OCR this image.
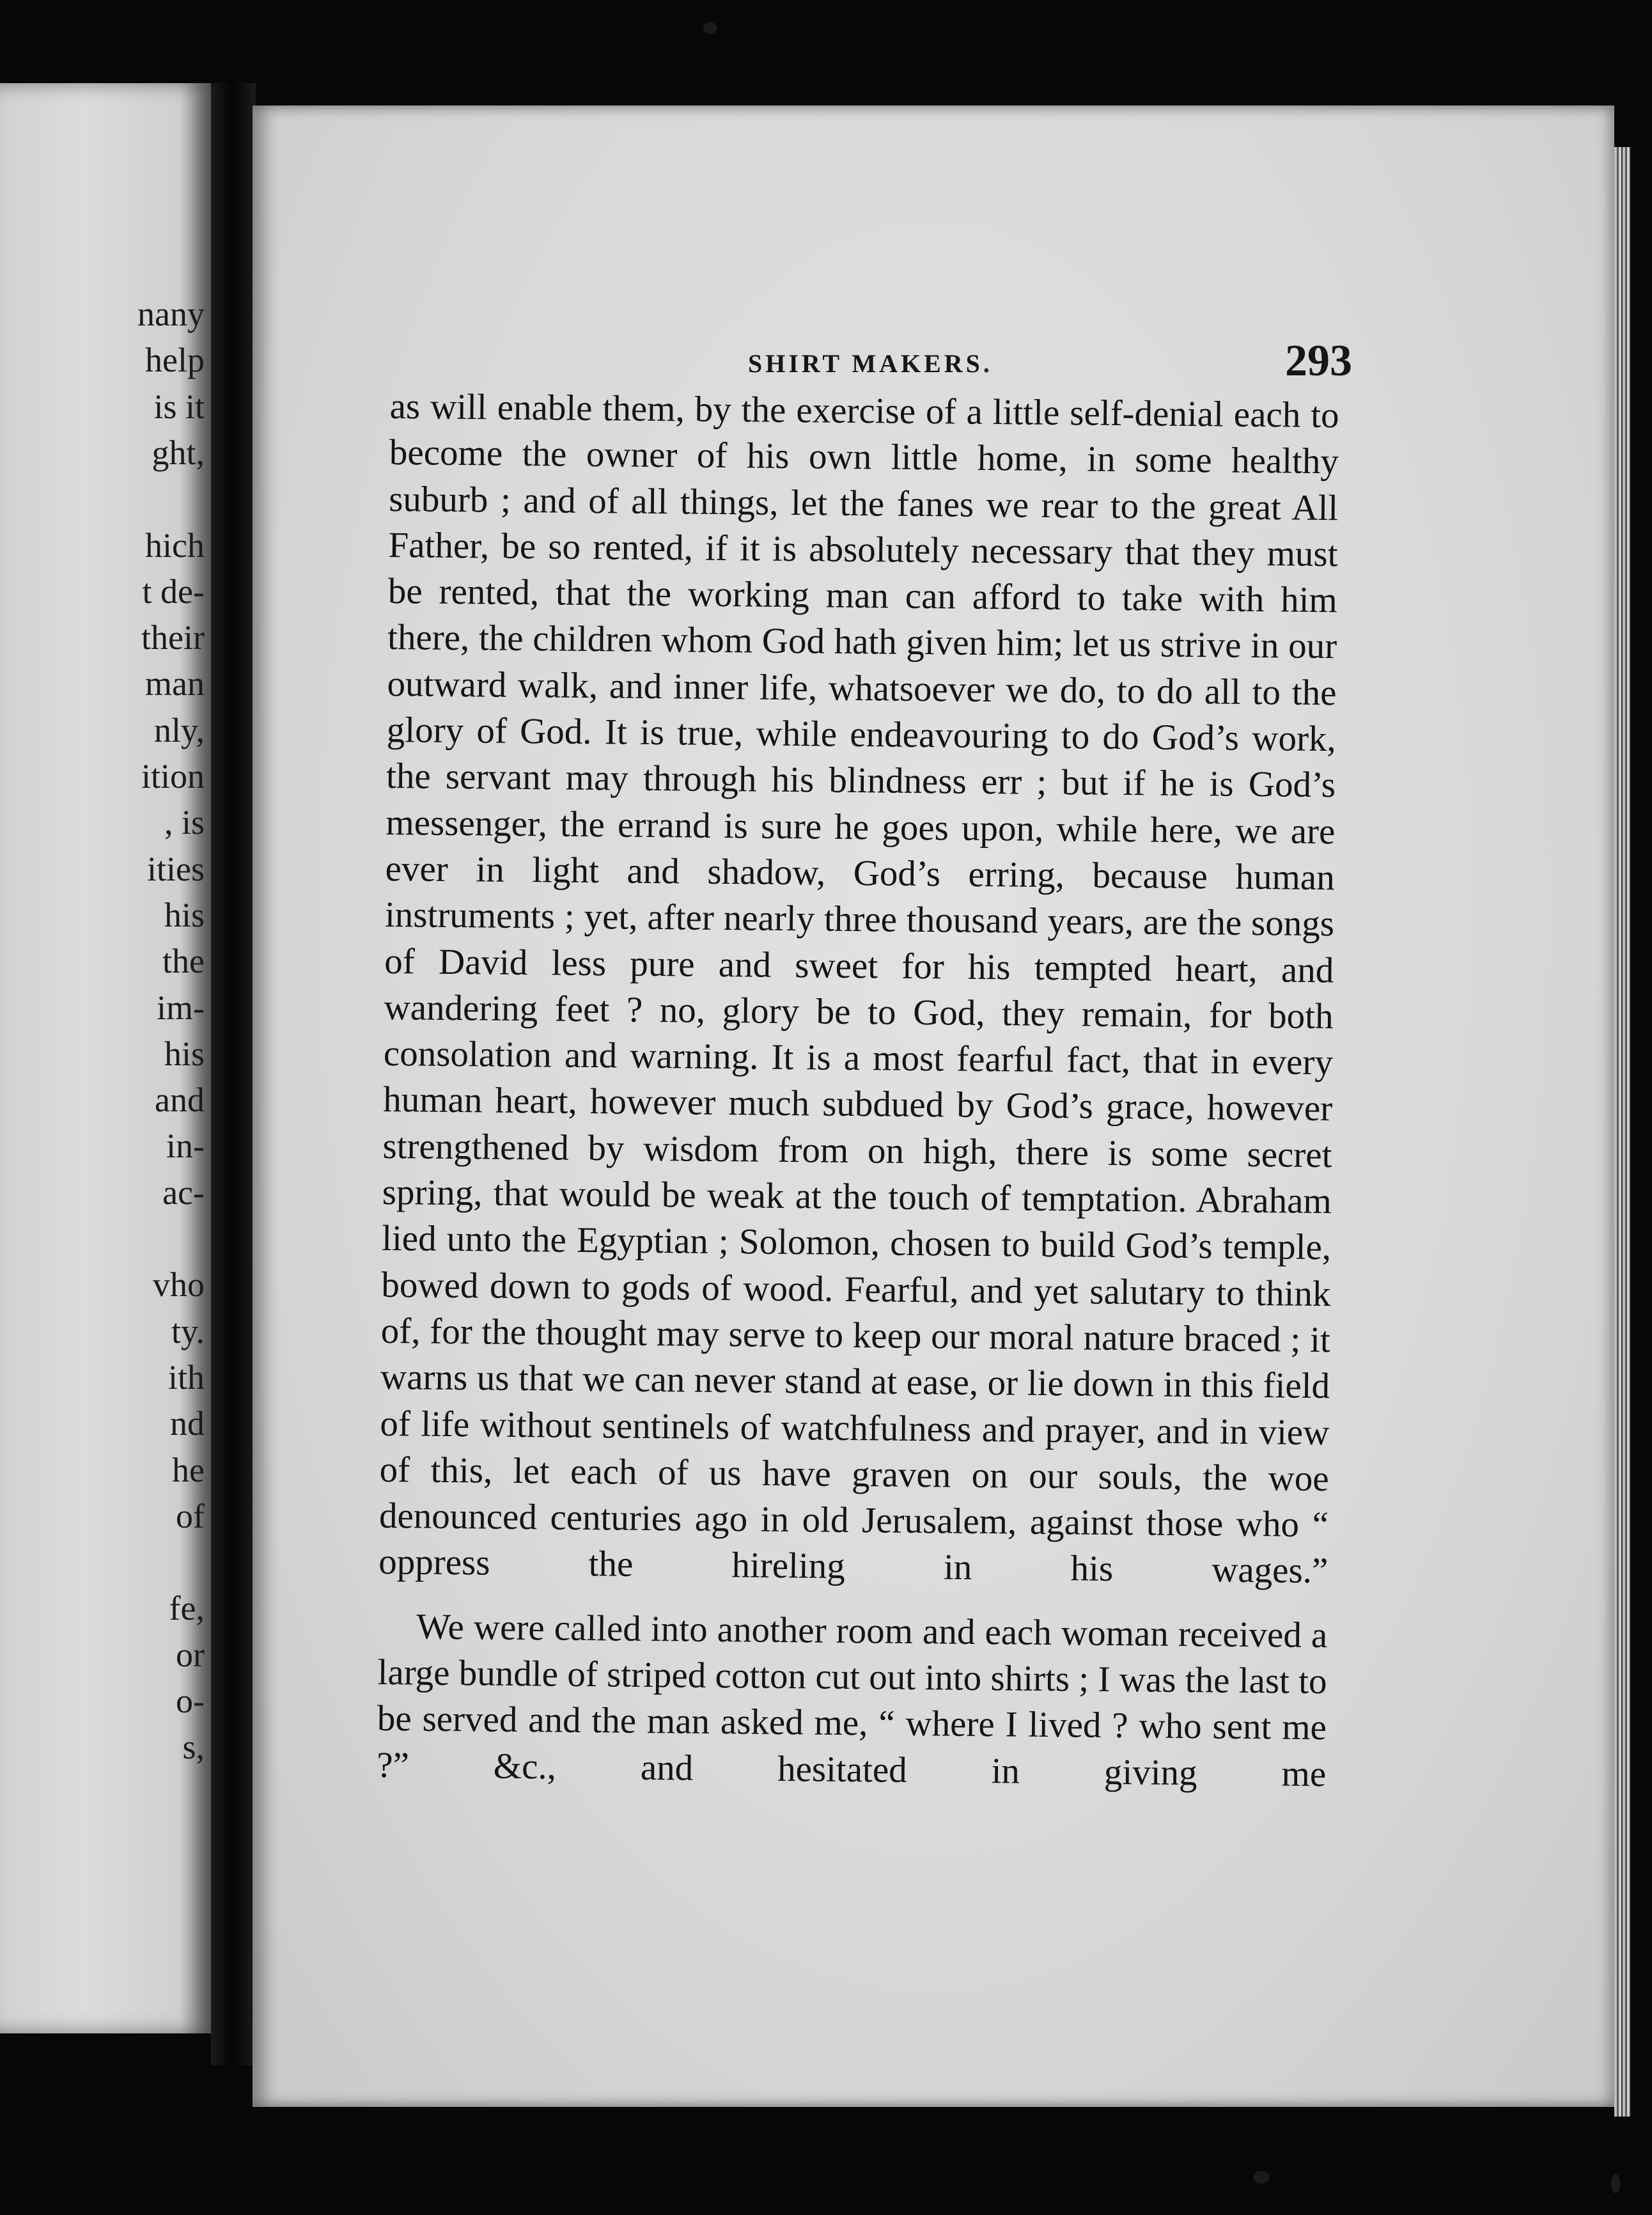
nany
help
is it
ght,
hich
t de-
their
man
nly,
ition
, is
ities
his
the
im-
his
and
in-
ac-
vho
ty.
ith
nd
he
of
fe,
or
o-
s,
SHIRT MAKERS.	293

as will enable them, by the exercise of a little self-denial each to become the owner of his own little home, in some healthy suburb ; and of all things, let the fanes we rear to the great All Father, be so rented, if it is absolutely necessary that they must be rented, that the working man can afford to take with him there, the children whom God hath given him; let us strive in our outward walk, and inner life, whatsoever we do, to do all to the glory of God. It is true, while endeavouring to do God’s work, the servant may through his blindness err ; but if he is God’s messenger, the errand is sure he goes upon, while here, we are ever in light and shadow, God’s erring, because human instruments ; yet, after nearly three thousand years, are the songs of David less pure and sweet for his tempted heart, and wandering feet ? no, glory be to God, they remain, for both consolation and warning. It is a most fearful fact, that in every human heart, however much subdued by God’s grace, however strengthened by wisdom from on high, there is some secret spring, that would be weak at the touch of temptation. Abraham lied unto the Egyptian ; Solomon, chosen to build God’s temple, bowed down to gods of wood. Fearful, and yet salutary to think of, for the thought may serve to keep our moral nature braced ; it warns us that we can never stand at ease, or lie down in this field of life without sentinels of watchfulness and prayer, and in view of this, let each of us have graven on our souls, the woe denounced centuries ago in old Jerusalem, against those who “ oppress the hireling in his wages.”

We were called into another room and each woman received a large bundle of striped cotton cut out into shirts ; I was the last to be served and the man asked me, “ where I lived ? who sent me ?” &c., and hesitated in giving me
